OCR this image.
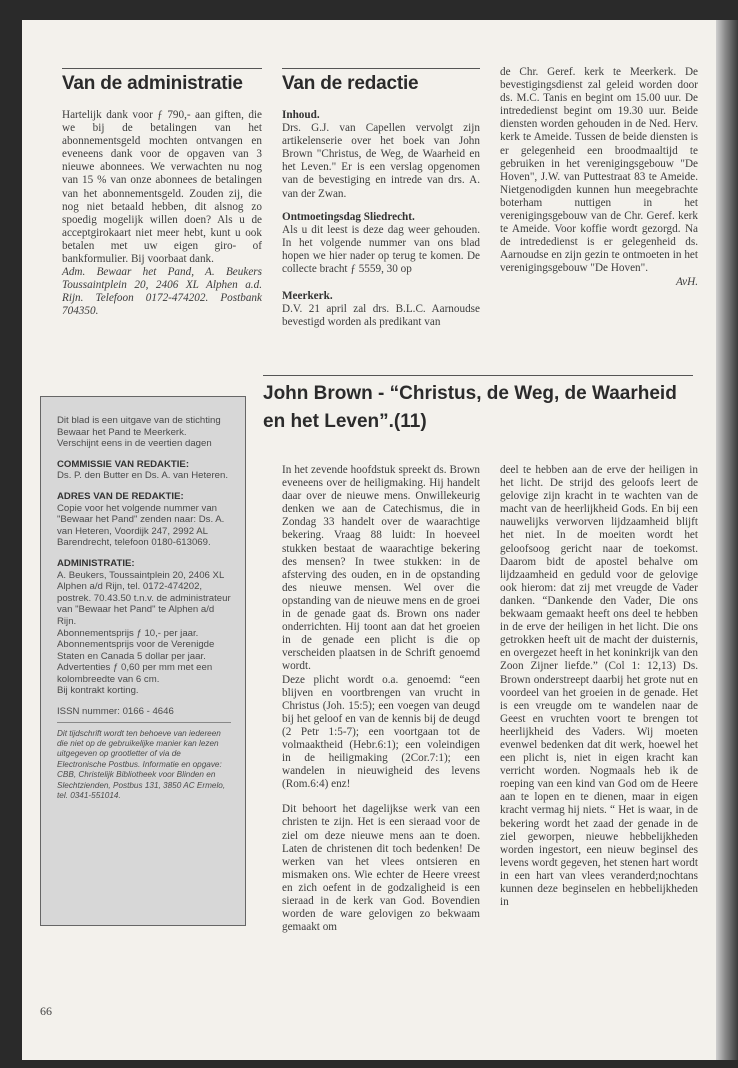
Van de administratie

Hartelijk dank voor ƒ 790,- aan giften, die we bij de betalingen van het abonnementsgeld mochten ontvangen en eveneens dank voor de opgaven van 3 nieuwe abonnees. We verwachten nu nog van 15 % van onze abonnees de betalingen van het abonnementsgeld. Zouden zij, die nog niet betaald hebben, dit alsnog zo spoedig mogelijk willen doen? Als u de acceptgirokaart niet meer hebt, kunt u ook betalen met uw eigen giro- of bankformulier. Bij voorbaat dank.

Adm. Bewaar het Pand, A. Beukers Toussaintplein 20, 2406 XL Alphen a.d. Rijn. Telefoon 0172-474202. Postbank 704350.

Van de redactie

Inhoud.

Drs. G.J. van Capellen vervolgt zijn artikelenserie over het boek van John Brown "Christus, de Weg, de Waarheid en het Leven." Er is een verslag opgenomen van de bevestiging en intrede van drs. A. van der Zwan.

Ontmoetingsdag Sliedrecht.

Als u dit leest is deze dag weer gehouden. In het volgende nummer van ons blad hopen we hier nader op terug te komen. De collecte bracht ƒ 5559, 30 op

Meerkerk.

D.V. 21 april zal drs. B.L.C. Aarnoudse bevestigd worden als predikant van

de Chr. Geref. kerk te Meerkerk. De bevestigingsdienst zal geleid worden door ds. M.C. Tanis en begint om 15.00 uur. De intrededienst begint om 19.30 uur. Beide diensten worden gehouden in de Ned. Herv. kerk te Ameide. Tussen de beide diensten is er gelegenheid een broodmaaltijd te gebruiken in het verenigingsgebouw "De Hoven", J.W. van Puttestraat 83 te Ameide. Nietgenodigden kunnen hun meegebrachte boterham nuttigen in het verenigingsgebouw van de Chr. Geref. kerk te Ameide. Voor koffie wordt gezorgd. Na de intrededienst is er gelegenheid ds. Aarnoudse en zijn gezin te ontmoeten in het verenigingsgebouw "De Hoven".

AvH.

Dit blad is een uitgave van de stichting Bewaar het Pand te Meerkerk.

Verschijnt eens in de veertien dagen

COMMISSIE VAN REDAKTIE:

Ds. P. den Butter en Ds. A. van Heteren.

ADRES VAN DE REDAKTIE:

Copie voor het volgende nummer van "Bewaar het Pand" zenden naar: Ds. A. van Heteren, Voordijk 247, 2992 AL Barendrecht, telefoon 0180-613069.

ADMINISTRATIE:

A. Beukers, Toussaintplein 20, 2406 XL Alphen a/d Rijn, tel. 0172-474202, postrek. 70.43.50 t.n.v. de administrateur van "Bewaar het Pand" te Alphen a/d Rijn.

Abonnementsprijs ƒ 10,- per jaar. Abonnementsprijs voor de Verenigde Staten en Canada 5 dollar per jaar.

Advertenties ƒ 0,60 per mm met een kolombreedte van 6 cm.

Bij kontrakt korting.

ISSN nummer: 0166 - 4646

Dit tijdschrift wordt ten behoeve van iedereen die niet op de gebruikelijke manier kan lezen uitgegeven op grootletter of via de Electronische Postbus. Informatie en opgave: CBB, Christelijk Bibliotheek voor Blinden en Slechtzienden, Postbus 131, 3850 AC Ermelo, tel. 0341-551014.

John Brown - “Christus, de Weg, de Waarheid en het Leven”.(11)

In het zevende hoofdstuk spreekt ds. Brown eveneens over de heiligmaking. Hij handelt daar over de nieuwe mens. Onwillekeurig denken we aan de Catechismus, die in Zondag 33 handelt over de waarachtige bekering. Vraag 88 luidt: In hoeveel stukken bestaat de waarachtige bekering des mensen? In twee stukken: in de afsterving des ouden, en in de opstanding des nieuwe mensen. Wel over die opstanding van de nieuwe mens en de groei in de genade gaat ds. Brown ons nader onderrichten. Hij toont aan dat het groeien in de genade een plicht is die op verscheiden plaatsen in de Schrift genoemd wordt.

Deze plicht wordt o.a. genoemd: “een blijven en voortbrengen van vrucht in Christus (Joh. 15:5); een voegen van deugd bij het geloof en van de kennis bij de deugd (2 Petr 1:5-7); een voortgaan tot de volmaaktheid (Hebr.6:1); een voleindigen in de heiligmaking (2Cor.7:1); een wandelen in nieuwigheid des levens (Rom.6:4) enz!

Dit behoort het dagelijkse werk van een christen te zijn. Het is een sieraad voor de ziel om deze nieuwe mens aan te doen. Laten de christenen dit toch bedenken! De werken van het vlees ontsieren en mismaken ons. Wie echter de Heere vreest en zich oefent in de godzaligheid is een sieraad in de kerk van God. Bovendien worden de ware gelovigen zo bekwaam gemaakt om

deel te hebben aan de erve der heiligen in het licht. De strijd des geloofs leert de gelovige zijn kracht in te wachten van de macht van de heerlijkheid Gods. En bij een nauwelijks verworven lijdzaamheid blijft het niet. In de moeiten wordt het geloofsoog gericht naar de toekomst. Daarom bidt de apostel behalve om lijdzaamheid en geduld voor de gelovige ook hierom: dat zij met vreugde de Vader danken. “Dankende den Vader, Die ons bekwaam gemaakt heeft ons deel te hebben in de erve der heiligen in het licht. Die ons getrokken heeft uit de macht der duisternis, en overgezet heeft in het koninkrijk van den Zoon Zijner liefde.” (Col 1: 12,13) Ds. Brown onderstreept daarbij het grote nut en voordeel van het groeien in de genade. Het is een vreugde om te wandelen naar de Geest en vruchten voort te brengen tot heerlijkheid des Vaders. Wij moeten evenwel bedenken dat dit werk, hoewel het een plicht is, niet in eigen kracht kan verricht worden. Nogmaals heb ik de roeping van een kind van God om de Heere aan te lopen en te dienen, maar in eigen kracht vermag hij niets. “ Het is waar, in de bekering wordt het zaad der genade in de ziel geworpen, nieuwe hebbelijkheden worden ingestort, een nieuw beginsel des levens wordt gegeven, het stenen hart wordt in een hart van vlees veranderd;nochtans kunnen deze beginselen en hebbelijkheden in

66
